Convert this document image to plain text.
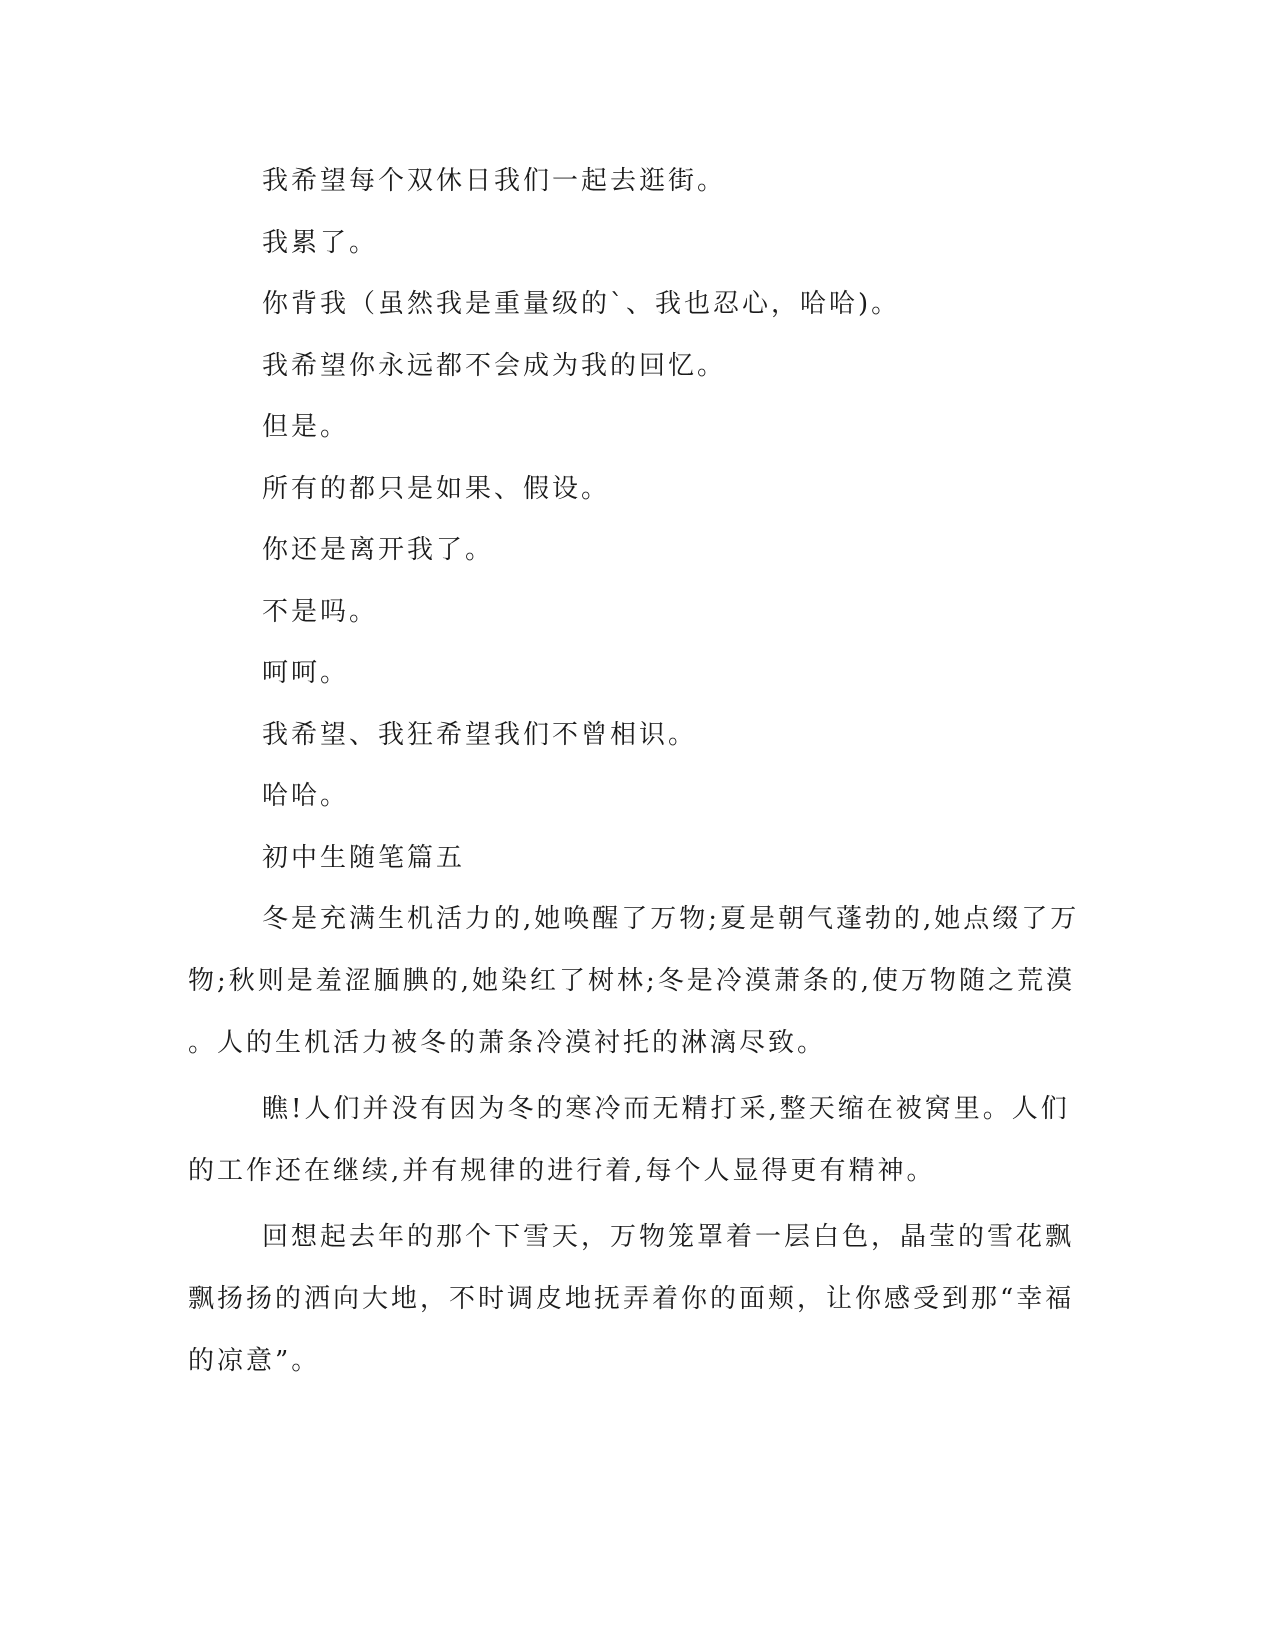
我希望每个双休日我们一起去逛街。

我累了。

你背我（虽然我是重量级的`、我也忍心，哈哈)。

我希望你永远都不会成为我的回忆。

但是。

所有的都只是如果、假设。

你还是离开我了。

不是吗。

呵呵。

我希望、我狂希望我们不曾相识。

哈哈。

初中生随笔篇五

冬是充满生机活力的,她唤醒了万物;夏是朝气蓬勃的,她点缀了万
物;秋则是羞涩腼腆的,她染红了树林;冬是冷漠萧条的,使万物随之荒漠
。人的生机活力被冬的萧条冷漠衬托的淋漓尽致。
瞧!人们并没有因为冬的寒冷而无精打采,整天缩在被窝里。人们
的工作还在继续,并有规律的进行着,每个人显得更有精神。
回想起去年的那个下雪天，万物笼罩着一层白色，晶莹的雪花飘
飘扬扬的洒向大地，不时调皮地抚弄着你的面颊，让你感受到那“幸福
的凉意”。
